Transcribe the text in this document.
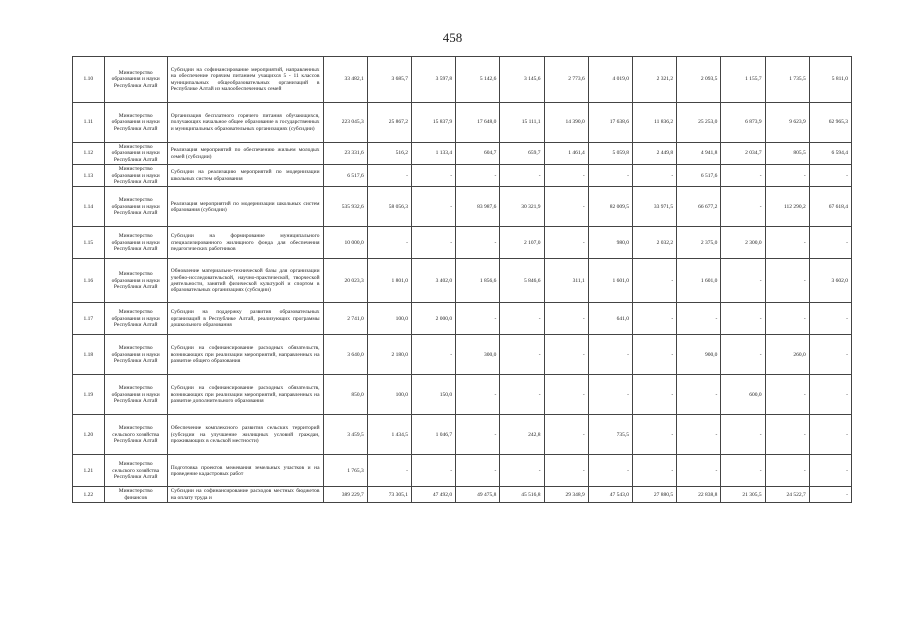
458
1.10	Министерство образования и науки Республики Алтай	Субсидии на софинансирование мероприятий, направленных на обеспечение горячим питанием учащихся 5 - 11 классов муниципальных общеобразовательных организаций в Республике Алтай из малообеспеченных семей	33 482,1	3 685,7	3 597,8	5 142,6	3 145,6	2 773,6	4 019,0	2 321,2	2 093,5	1 155,7	1 735,5	5 811,0
1.11	Министерство образования и науки Республики Алтай	Организация бесплатного горячего питания обучающихся, получающих начальное общее образование в государственных и муниципальных образовательных организациях (субсидии)	223 045,3	25 867,2	15 837,9	17 648,0	15 111,1	14 390,0	17 638,6	11 836,2	25 253,0	6 873,9	9 623,9	62 965,3
1.12	Министерство образования и науки Республики Алтай	Реализация мероприятий по обеспечению жильем молодых семей (субсидии)	23 331,6	516,2	1 133,4	604,7	659,7	1 461,4	5 059,8	2 449,8	4 941,8	2 034,7	805,5	6 594,4
1.13	Министерство образования и науки Республики Алтай	Субсидии на реализацию мероприятий по модернизации школьных систем образования	6 517,6	-	-	-	-	-	-	-	6 517,6	-	-	-
1.14	Министерство образования и науки Республики Алтай	Реализация мероприятий по модернизации школьных систем образования (субсидии)	535 932,6	58 056,3	-	83 987,6	30 321,9	-	82 009,5	33 971,5	66 677,2	-	112 290,2	67 618,4
1.15	Министерство образования и науки Республики Алтай	Субсидии на формирование муниципального специализированного жилищного фонда для обеспечения педагогических работников	10 000,0	-	-	-	2 107,0	-	980,0	2 032,2	2 375,0	2 300,0	-	-
1.16	Министерство образования и науки Республики Алтай	Обновление материально-технической базы для организации учебно-исследовательской, научно-практической, творческой деятельности, занятий физической культурой и спортом в образовательных организациях (субсидии)	20 023,3	1 801,0	3 402,0	1 856,6	5 846,6	311,1	1 601,0	-	1 601,0	-	-	3 602,0
1.17	Министерство образования и науки Республики Алтай	Субсидии на поддержку развития образовательных организаций в Республике Алтай, реализующих программы дошкольного образования	2 741,0	100,0	2 000,0	-	-	-	641,0	-	-	-	-	-
1.18	Министерство образования и науки Республики Алтай	Субсидии на софинансирование расходных обязательств, возникающих при реализации мероприятий, направленных на развитие общего образования	3 640,0	2 180,0	-	300,0	-	-	-	-	900,0	-	260,0	-
1.19	Министерство образования и науки Республики Алтай	Субсидии на софинансирование расходных обязательств, возникающих при реализации мероприятий, направленных на развитие дополнительного образования	850,0	100,0	150,0	-	-	-	-	-	-	600,0	-	-
1.20	Министерство сельского хозяйства Республики Алтай	Обеспечение комплексного развития сельских территорий (субсидии на улучшение жилищных условий граждан, проживающих в сельской местности)	3 459,5	1 434,5	1 046,7	-	242,8	-	735,5	-	-	-	-	-
1.21	Министерство сельского хозяйства Республики Алтай	Подготовка проектов межевания земельных участков и на проведение кадастровых работ	1 765,3	-	-	-	-	-	-	-	-	-	-	-
1.22	Министерство финансов	Субсидии на софинансирование расходов местных бюджетов на оплату труда и	389 229,7	73 305,1	47 492,0	49 475,8	45 516,8	29 348,9	47 543,0	27 880,5	22 838,8	21 305,5	24 522,7	-
